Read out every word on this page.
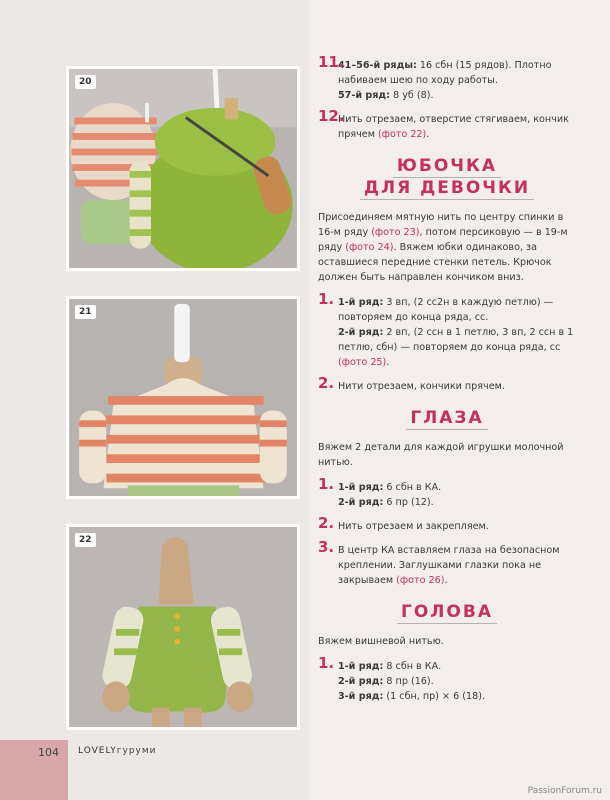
20
21
22
11.
41–56-й ряды: 16 сбн (15 рядов). Плотно набиваем шею по ходу работы.
57-й ряд: 8 уб (8).
12.
Нить отрезаем, отверстие стягиваем, кончик прячем (фото 22).
ЮБОЧКА
ДЛЯ ДЕВОЧКИ
Присоединяем мятную нить по центру спинки в 16-м ряду (фото 23), потом персиковую — в 19-м ряду (фото 24). Вяжем юбки одинаково, за оставшиеся передние стенки петель. Крючок должен быть направлен кончиком вниз.
1. 1-й ряд: 3 вп, (2 сс2н в каждую петлю) — повторяем до конца ряда, сс.
2-й ряд: 2 вп, (2 ссн в 1 петлю, 3 вп, 2 ссн в 1 петлю, сбн) — повторяем до конца ряда, сс (фото 25).
2. Нити отрезаем, кончики прячем.
ГЛАЗА
Вяжем 2 детали для каждой игрушки молочной нитью.
1. 1-й ряд: 6 сбн в КА.
2-й ряд: 6 пр (12).
2. Нить отрезаем и закрепляем.
3. В центр КА вставляем глаза на безопасном креплении. Заглушками глазки пока не закрываем (фото 26).
ГОЛОВА
Вяжем вишневой нитью.
1. 1-й ряд: 8 сбн в КА.
2-й ряд: 8 пр (16).
3-й ряд: (1 сбн, пр) × 6 (18).
104 LOVELYгуруми
PassionForum.ru
